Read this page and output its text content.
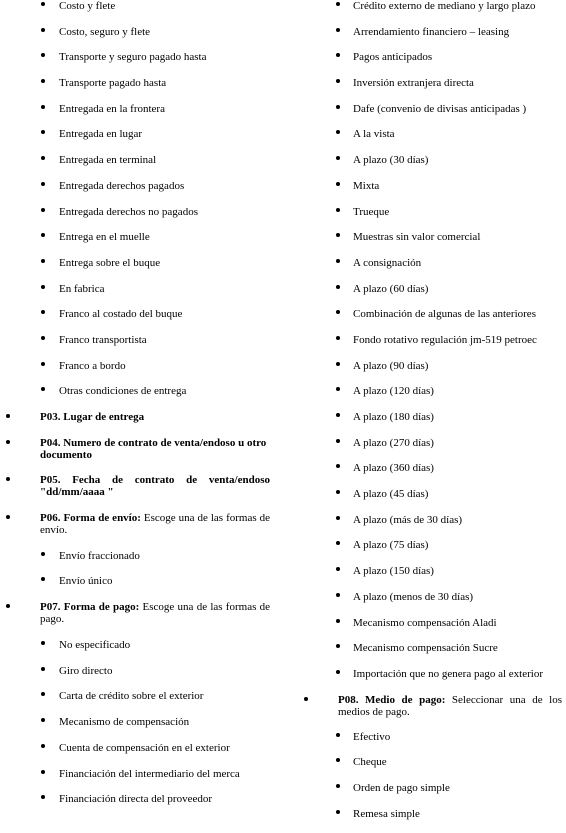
Costo y flete
Costo, seguro y flete
Transporte y seguro pagado hasta
Transporte pagado hasta
Entregada en la frontera
Entregada en lugar
Entregada en terminal
Entregada derechos pagados
Entregada derechos no pagados
Entrega en el muelle
Entrega sobre el buque
En fabrica
Franco al costado del buque
Franco transportista
Franco a bordo
Otras condiciones de entrega
P03. Lugar de entrega
P04. Numero de contrato de venta/endoso u otro documento
P05. Fecha de contrato de venta/endoso
"dd/mm/aaaa "
P06. Forma de envío: Escoge una de las formas de
envío.
Envío fraccionado
Envío único
P07. Forma de pago: Escoge una de las formas de
pago.
No especificado
Giro directo
Carta de crédito sobre el exterior
Mecanismo de compensación
Cuenta de compensación en el exterior
Financiación del intermediario del merca
Financiación directa del proveedor
Crédito externo de mediano y largo plazo
Arrendamiento financiero – leasing
Pagos anticipados
Inversión extranjera directa
Dafe (convenio de divisas anticipadas )
A la vista
A plazo (30 días)
Mixta
Trueque
Muestras sin valor comercial
A consignación
A plazo (60 días)
Combinación de algunas de las anteriores
Fondo rotativo regulación jm-519 petroec
A plazo (90 días)
A plazo (120 días)
A plazo (180 días)
A plazo (270 días)
A plazo (360 días)
A plazo (45 días)
A plazo (más de 30 días)
A plazo (75 días)
A plazo (150 días)
A plazo (menos de 30 días)
Mecanismo compensación Aladi
Mecanismo compensación Sucre
Importación que no genera pago al exterior
P08. Medio de pago: Seleccionar una de los
medios de pago.
Efectivo
Cheque
Orden de pago simple
Remesa simple
